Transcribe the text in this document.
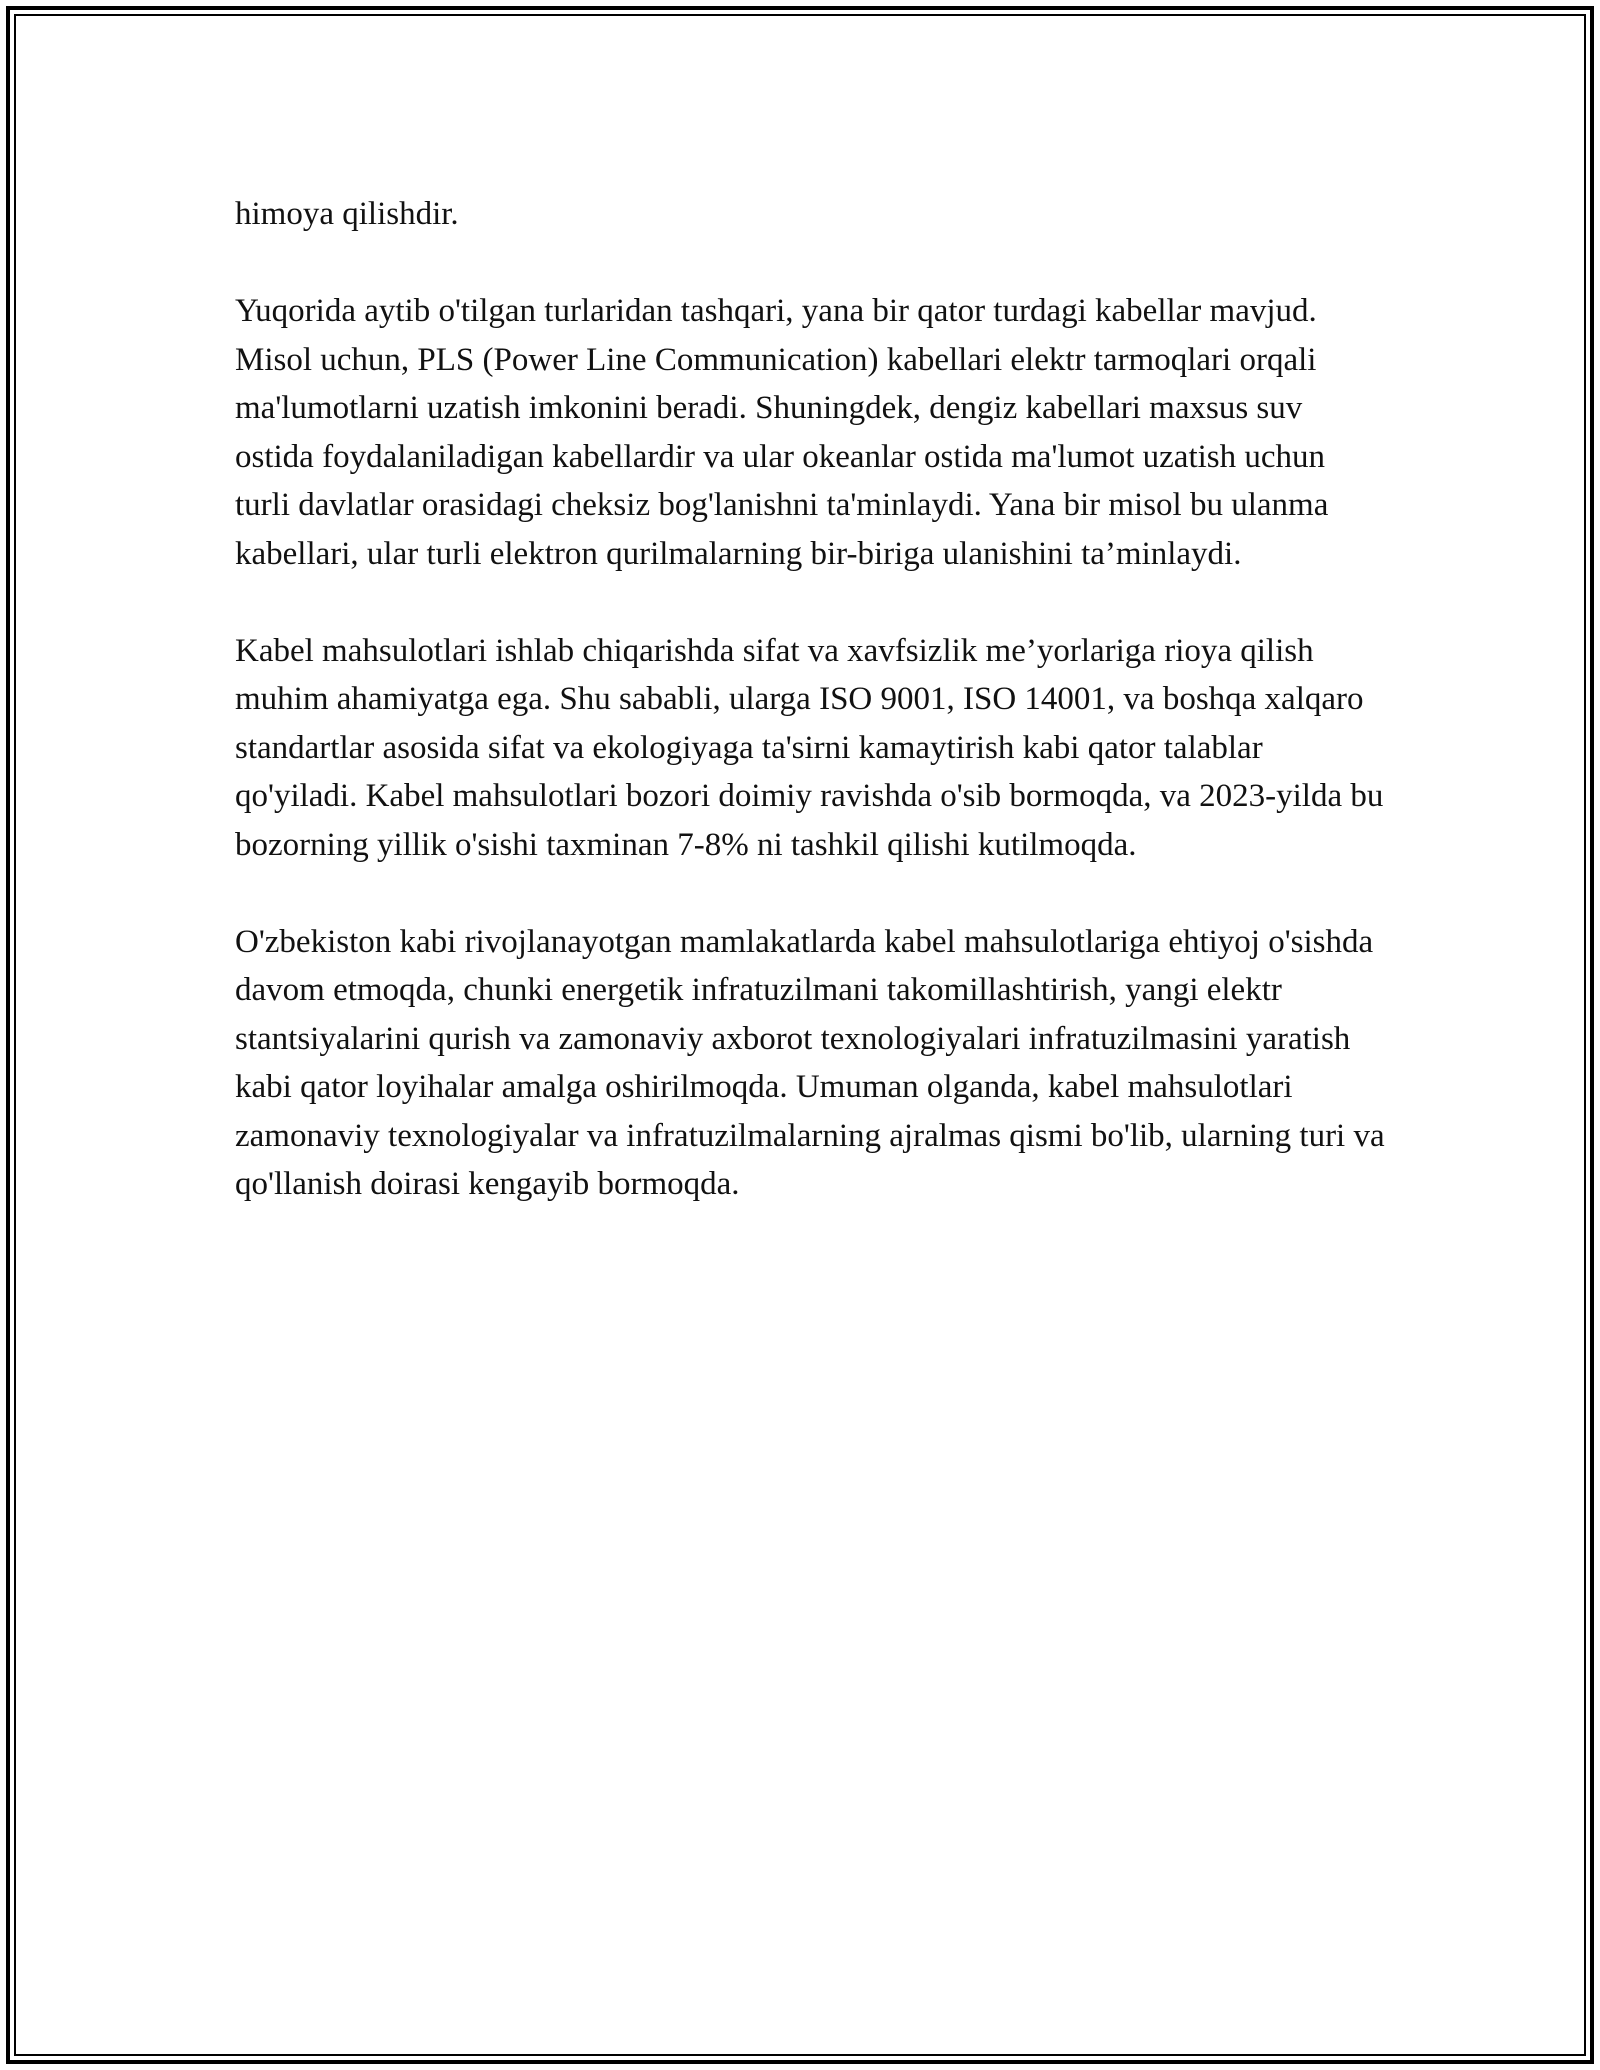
himoya qilishdir.

Yuqorida aytib o'tilgan turlaridan tashqari, yana bir qator turdagi kabellar mavjud. Misol uchun, PLS (Power Line Communication) kabellari elektr tarmoqlari orqali ma'lumotlarni uzatish imkonini beradi. Shuningdek, dengiz kabellari maxsus suv ostida foydalaniladigan kabellardir va ular okeanlar ostida ma'lumot uzatish uchun turli davlatlar orasidagi cheksiz bog'lanishni ta'minlaydi. Yana bir misol bu ulanma kabellari, ular turli elektron qurilmalarning bir-biriga ulanishini ta’minlaydi.

Kabel mahsulotlari ishlab chiqarishda sifat va xavfsizlik me’yorlariga rioya qilish muhim ahamiyatga ega. Shu sababli, ularga ISO 9001, ISO 14001, va boshqa xalqaro standartlar asosida sifat va ekologiyaga ta'sirni kamaytirish kabi qator talablar qo'yiladi. Kabel mahsulotlari bozori doimiy ravishda o'sib bormoqda, va 2023-yilda bu bozorning yillik o'sishi taxminan 7-8% ni tashkil qilishi kutilmoqda.

O'zbekiston kabi rivojlanayotgan mamlakatlarda kabel mahsulotlariga ehtiyoj o'sishda davom etmoqda, chunki energetik infratuzilmani takomillashtirish, yangi elektr stantsiyalarini qurish va zamonaviy axborot texnologiyalari infratuzilmasini yaratish kabi qator loyihalar amalga oshirilmoqda. Umuman olganda, kabel mahsulotlari zamonaviy texnologiyalar va infratuzilmalarning ajralmas qismi bo'lib, ularning turi va qo'llanish doirasi kengayib bormoqda.
